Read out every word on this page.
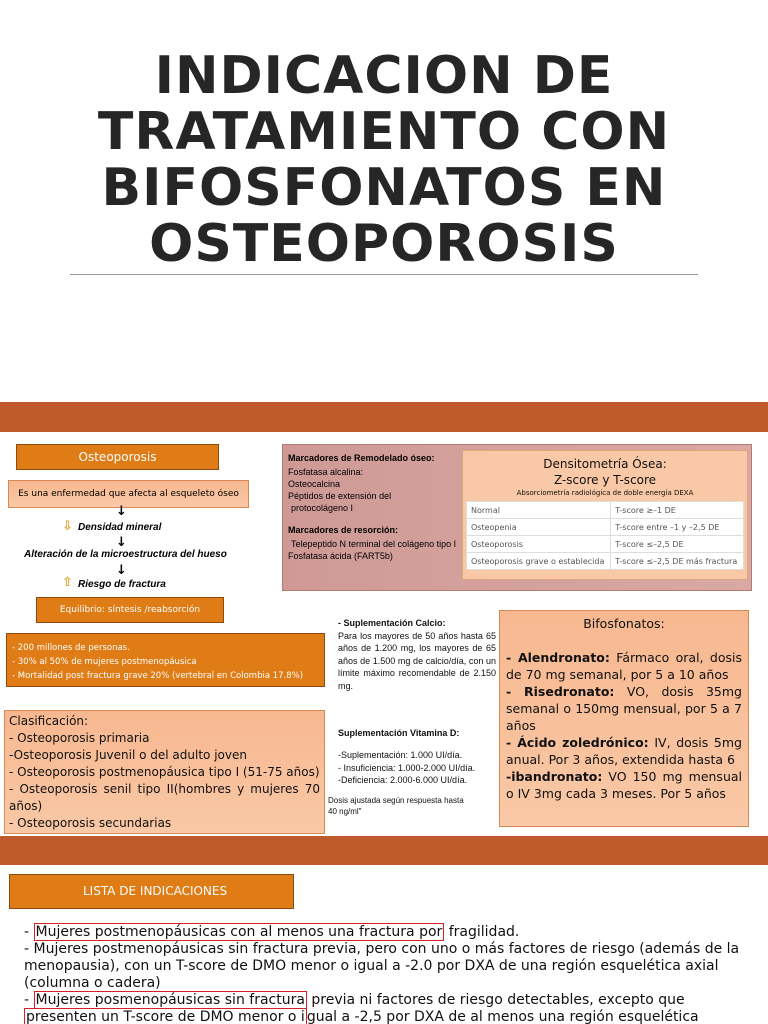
INDICACION DE TRATAMIENTO CON BIFOSFONATOS EN OSTEOPOROSIS
Osteoporosis
Es una enfermedad que afecta al esqueleto óseo
↓
⇩ Densidad mineral
↓
Alteración de la microestructura del hueso
↓
⇧ Riesgo de fractura
Equilibrio: síntesis /reabsorción
- 200 millones de personas.
- 30% al 50% de mujeres postmenopáusica
- Mortalidad post fractura grave 20% (vertebral en Colombia 17.8%)
Clasificación:
- Osteoporosis primaria
-Osteoporosis Juvenil o del adulto joven
- Osteoporosis postmenopáusica tipo I (51-75 años)
- Osteoporosis senil tipo II(hombres y mujeres 70 años)
- Osteoporosis secundarias
Marcadores de Remodelado óseo:
Fosfatasa alcalina:
Osteocalcina
Péptidos de extensión del
protocolágeno I
Marcadores de resorción:
Telepeptido N terminal del colágeno tipo I
Fosfatasa ácida (FART5b)
Densitometría Ósea:
Z-score y T-score
Absorciometría radiológica de doble energía DEXA
Normal	T-score ≥–1 DE
Osteopenia	T-score entre –1 y –2,5 DE
Osteoporosis	T-score ≤–2,5 DE
Osteoporosis grave o establecida	T-score ≤–2,5 DE más fractura
- Suplementación Calcio:
Para los mayores de 50 años hasta 65 años de 1.200 mg, los mayores de 65 años de 1.500 mg de calcio/día, con un límite máximo recomendable de 2.150 mg.
Suplementación Vitamina D:
-Suplementación: 1.000 UI/día.
- Insuficiencia: 1.000-2.000 UI/día.
-Deficiencia: 2.000-6.000 UI/día.
Dosis ajustada según respuesta hasta 40 ng/ml"
Bifosfonatos:

- Alendronato: Fármaco oral, dosis de 70 mg semanal, por 5 a 10 años

- Risedronato: VO, dosis 35mg semanal o 150mg mensual, por 5 a 7 años

- Ácido zoledrónico: IV, dosis 5mg anual. Por 3 años, extendida hasta 6

-ibandronato: VO 150 mg mensual o IV 3mg cada 3 meses. Por 5 años

LISTA DE INDICACIONES
- Mujeres postmenopáusicas con al menos una fractura por fragilidad.
- Mujeres postmenopáusicas sin fractura previa, pero con uno o más factores de riesgo (además de la menopausia), con un T-score de DMO menor o igual a -2.0 por DXA de una región esquelética axial (columna o cadera)
- Mujeres posmenopáusicas sin fractura previa ni factores de riesgo detectables, excepto que presenten un T-score de DMO menor o i gual a -2,5 por DXA de al menos una región esquelética
